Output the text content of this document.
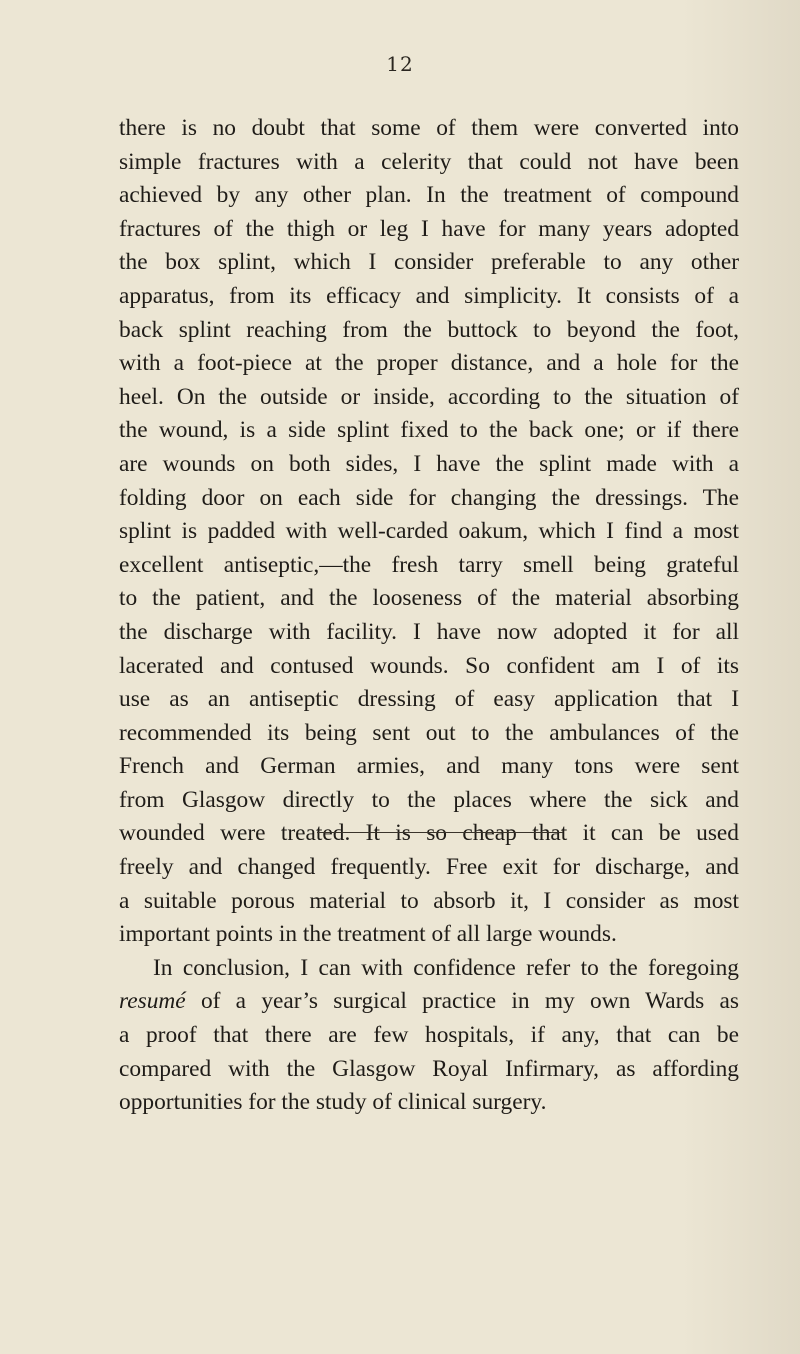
12

there is no doubt that some of them were converted into

simple fractures with a celerity that could not have been

achieved by any other plan. In the treatment of compound

fractures of the thigh or leg I have for many years adopted

the box splint, which I consider preferable to any other

apparatus, from its efficacy and simplicity. It consists of a

back splint reaching from the buttock to beyond the foot,

with a foot-piece at the proper distance, and a hole for the

heel. On the outside or inside, according to the situation of

the wound, is a side splint fixed to the back one; or if there

are wounds on both sides, I have the splint made with a

folding door on each side for changing the dressings. The

splint is padded with well-carded oakum, which I find a most

excellent antiseptic,—the fresh tarry smell being grateful

to the patient, and the looseness of the material absorbing

the discharge with facility. I have now adopted it for all

lacerated and contused wounds. So confident am I of its

use as an antiseptic dressing of easy application that I

recommended its being sent out to the ambulances of the

French and German armies, and many tons were sent

from Glasgow directly to the places where the sick and

wounded were treated. It is so cheap that it can be used

freely and changed frequently. Free exit for discharge, and

a suitable porous material to absorb it, I consider as most

important points in the treatment of all large wounds.

In conclusion, I can with confidence refer to the foregoing

resumé of a year’s surgical practice in my own Wards as

a proof that there are few hospitals, if any, that can be

compared with the Glasgow Royal Infirmary, as affording

opportunities for the study of clinical surgery.
